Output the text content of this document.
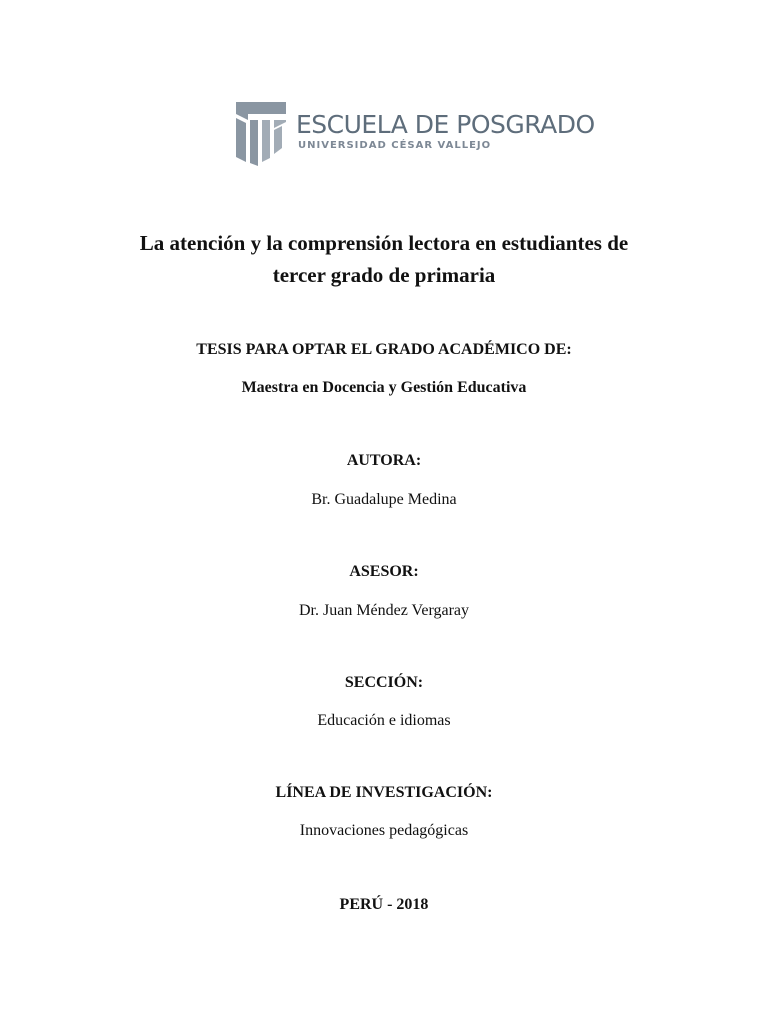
ESCUELA DE POSGRADO
UNIVERSIDAD CÉSAR VALLEJO
La atención y la comprensión lectora en estudiantes de
tercer grado de primaria
TESIS PARA OPTAR EL GRADO ACADÉMICO DE:
Maestra en Docencia y Gestión Educativa
AUTORA:
Br. Guadalupe Medina
ASESOR:
Dr. Juan Méndez Vergaray
SECCIÓN:
Educación e idiomas
LÍNEA DE INVESTIGACIÓN:
Innovaciones pedagógicas
PERÚ - 2018
